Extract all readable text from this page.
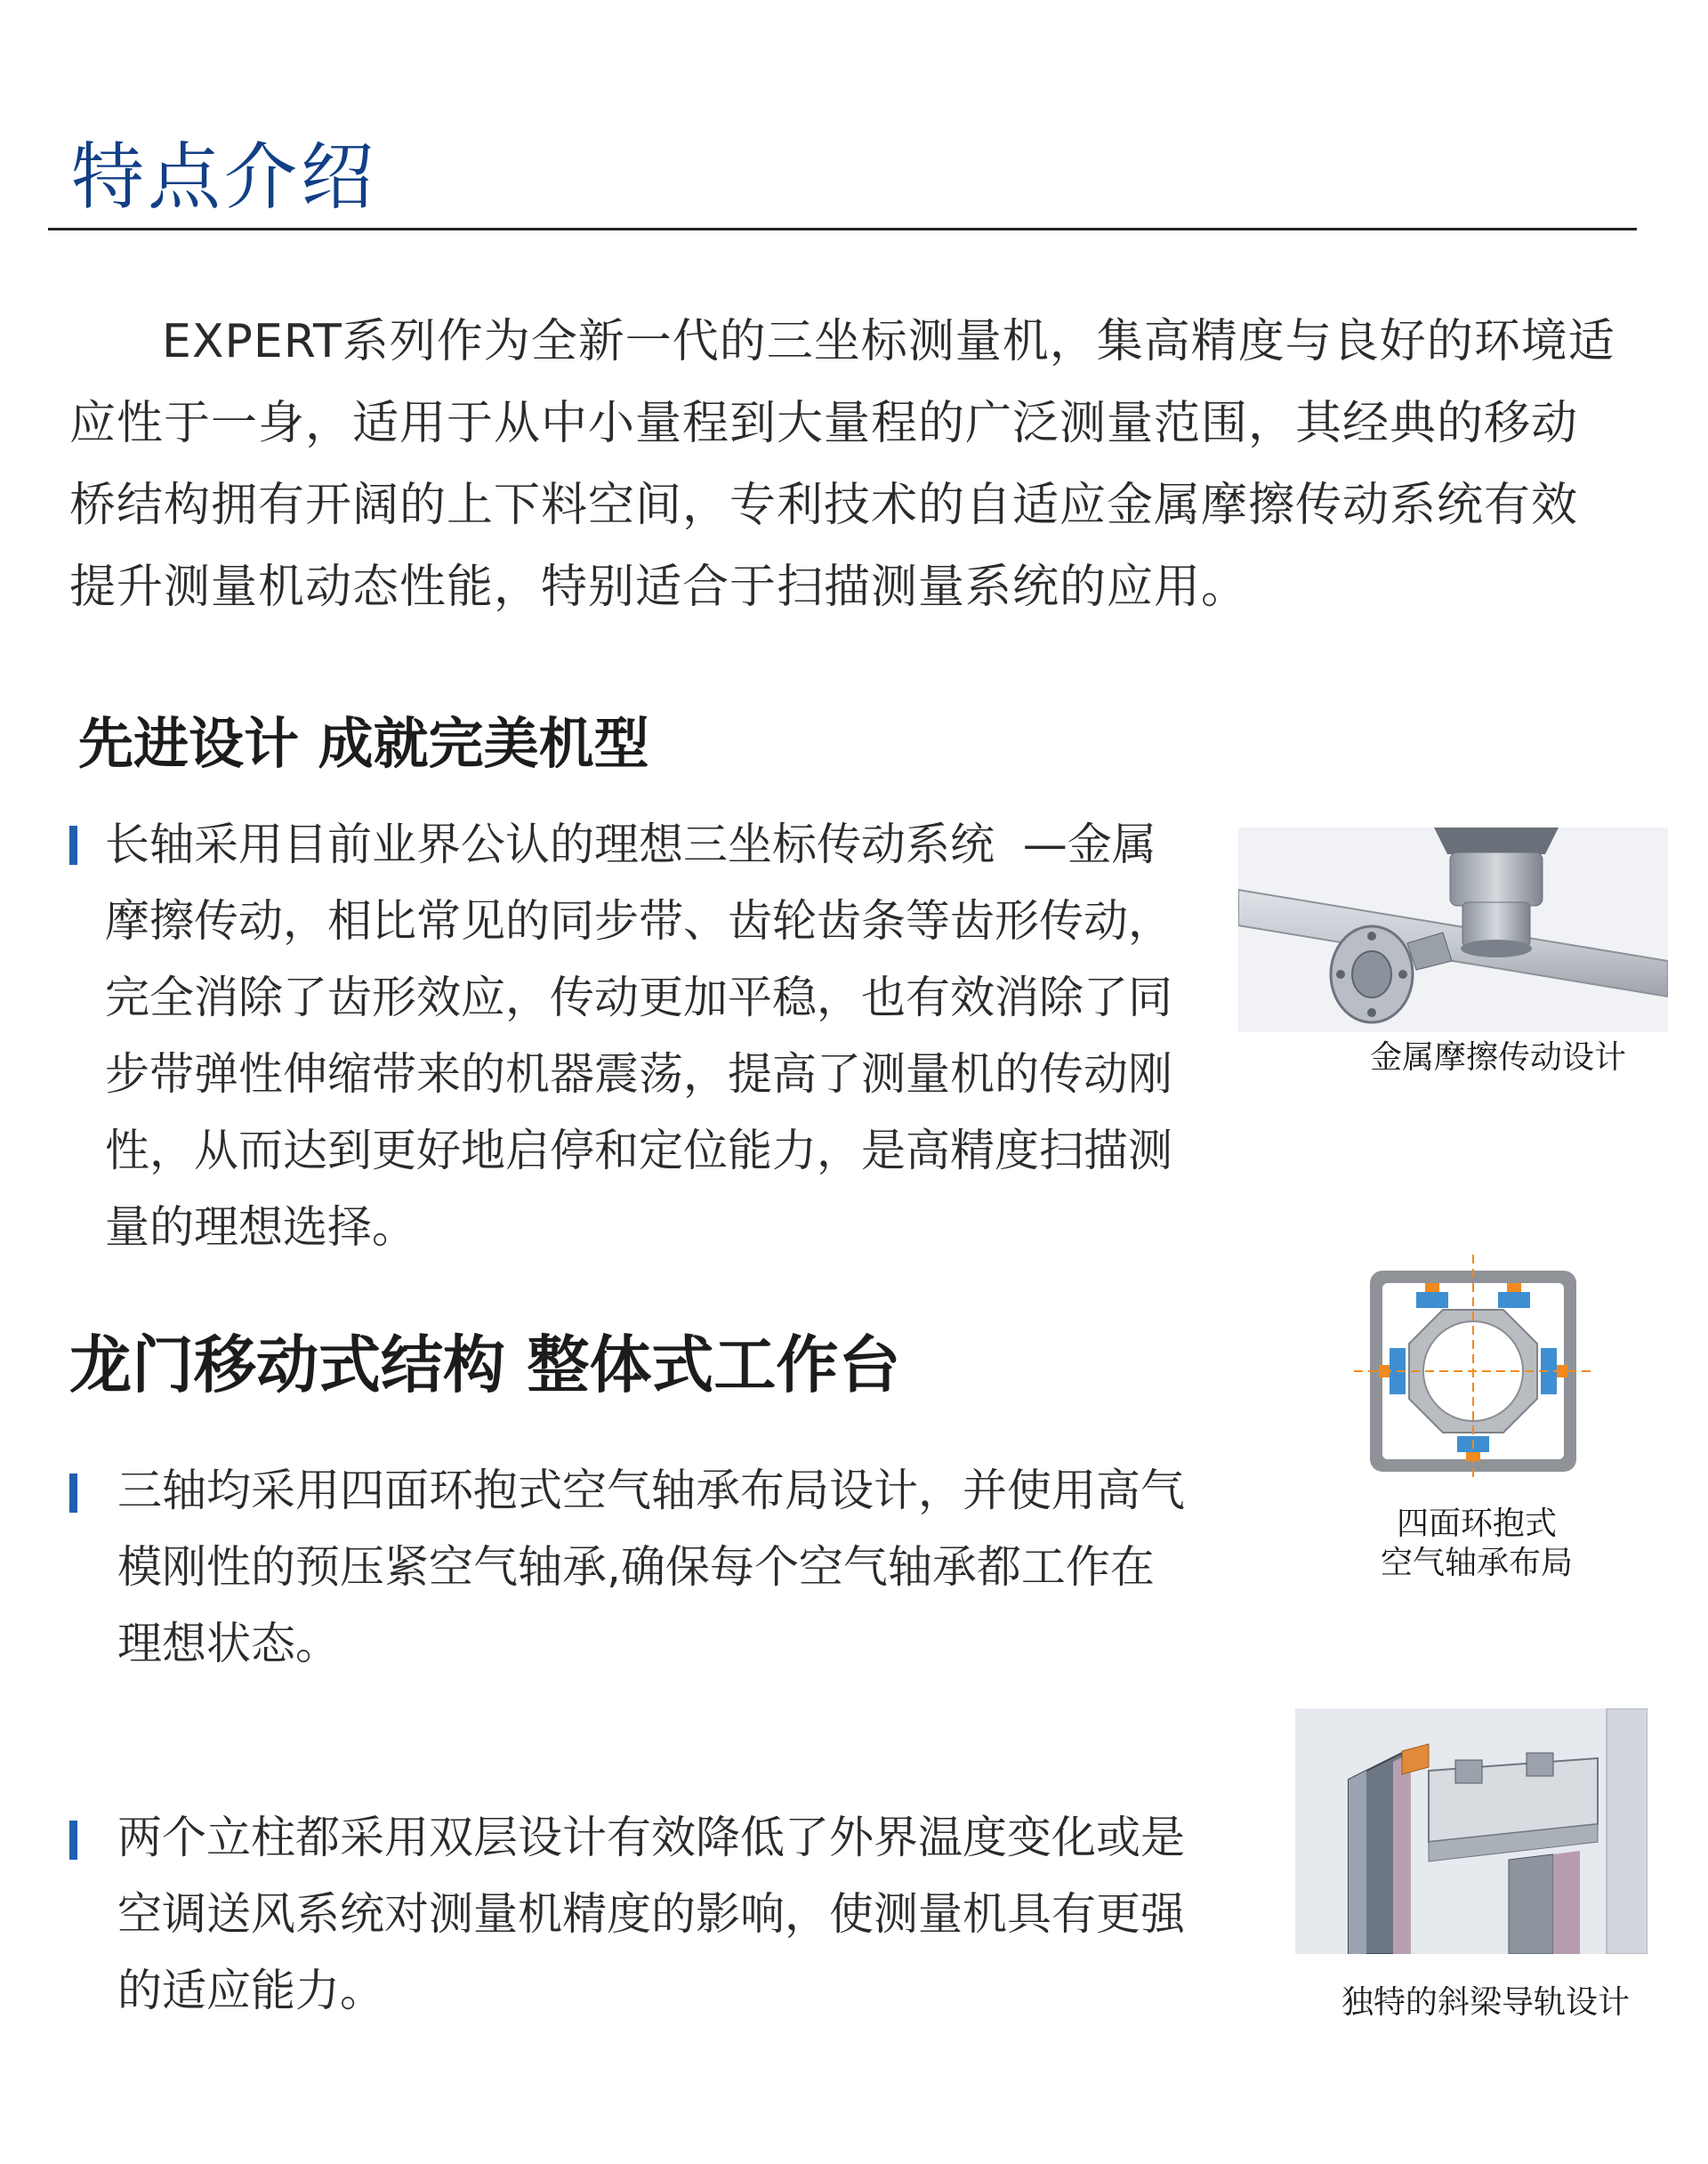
特点介绍
EXPERT系列作为全新一代的三坐标测量机，集高精度与良好的环境适应性于一身，适用于从中小量程到大量程的广泛测量范围，其经典的移动桥结构拥有开阔的上下料空间，专利技术的自适应金属摩擦传动系统有效提升测量机动态性能，特别适合于扫描测量系统的应用。
先进设计 成就完美机型
长轴采用目前业界公认的理想三坐标传动系统  —金属摩擦传动，相比常见的同步带、齿轮齿条等齿形传动，完全消除了齿形效应，传动更加平稳，也有效消除了同步带弹性伸缩带来的机器震荡，提高了测量机的传动刚性，从而达到更好地启停和定位能力，是高精度扫描测量的理想选择。
金属摩擦传动设计
龙门移动式结构 整体式工作台
三轴均采用四面环抱式空气轴承布局设计，并使用高气模刚性的预压紧空气轴承,确保每个空气轴承都工作在理想状态。
四面环抱式
空气轴承布局
两个立柱都采用双层设计有效降低了外界温度变化或是空调送风系统对测量机精度的影响，使测量机具有更强的适应能力。	独特的斜梁导轨设计
